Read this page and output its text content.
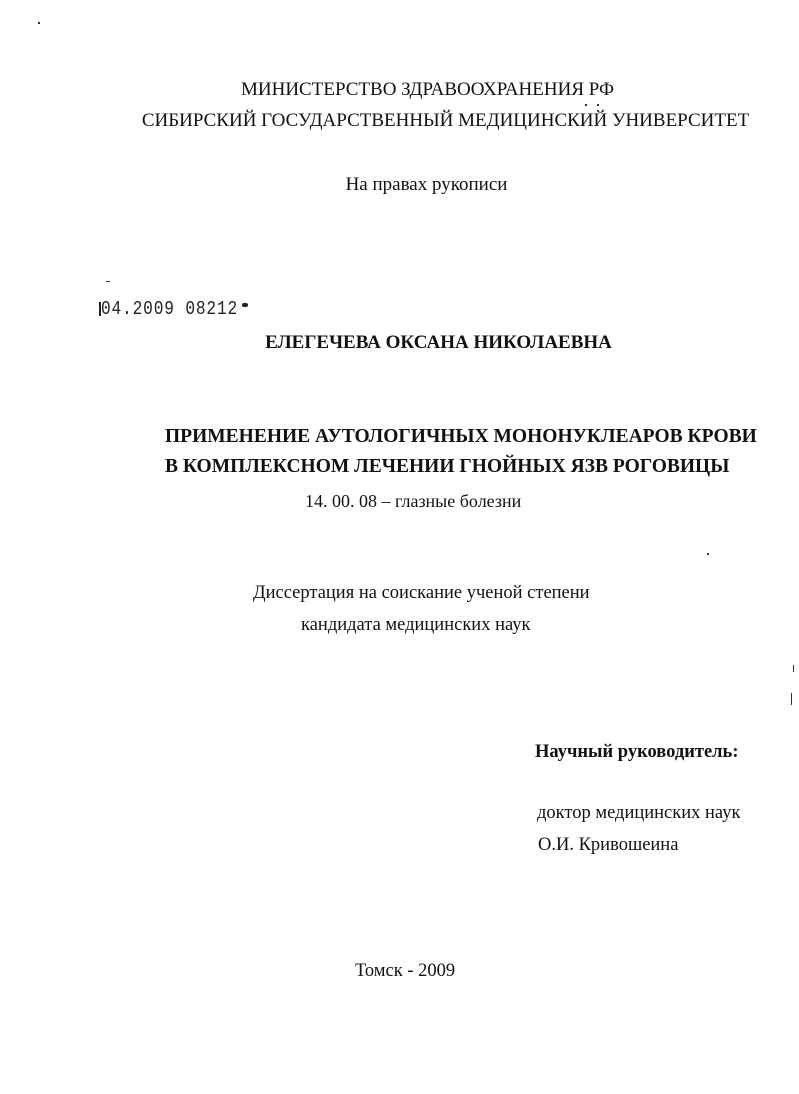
МИНИСТЕРСТВО ЗДРАВООХРАНЕНИЯ РФ
СИБИРСКИЙ ГОСУДАРСТВЕННЫЙ МЕДИЦИНСКИЙ УНИВЕРСИТЕТ
На правах рукописи
04.2009 08212
ЕЛЕГЕЧЕВА ОКСАНА НИКОЛАЕВНА
ПРИМЕНЕНИЕ АУТОЛОГИЧНЫХ МОНОНУКЛЕАРОВ КРОВИ
В КОМПЛЕКСНОМ ЛЕЧЕНИИ ГНОЙНЫХ ЯЗВ РОГОВИЦЫ
14. 00. 08 – глазные болезни
Диссертация на соискание ученой степени
кандидата медицинских наук
Научный руководитель:
доктор медицинских наук
О.И. Кривошеина
Томск - 2009
